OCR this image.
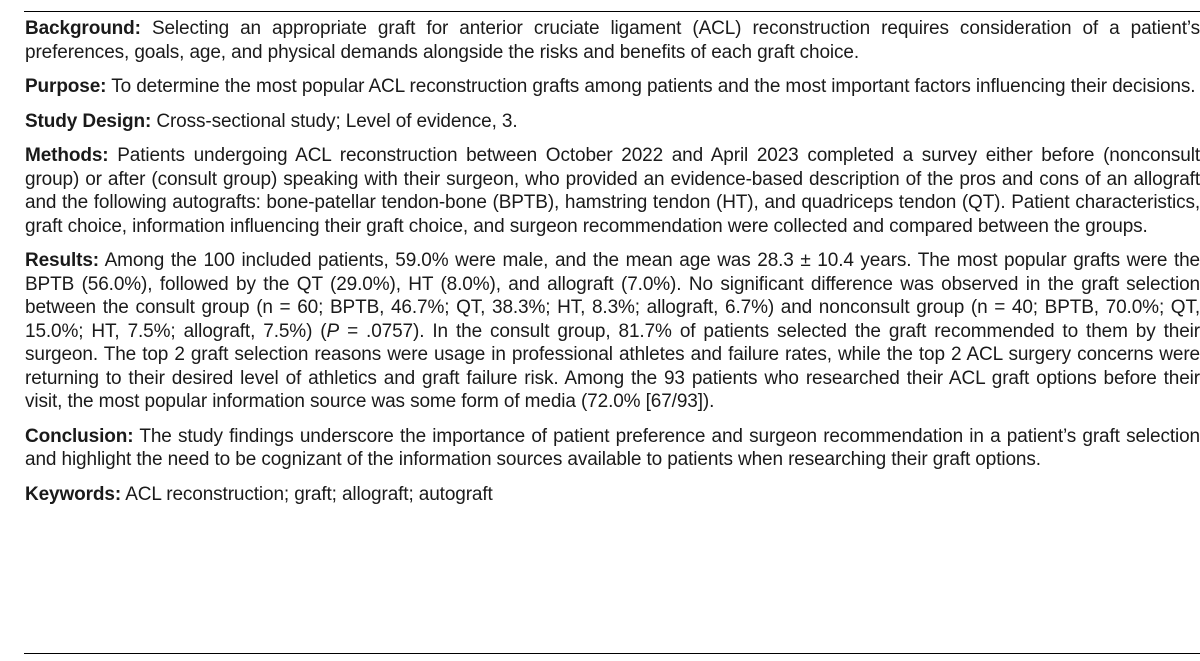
Background: Selecting an appropriate graft for anterior cruciate ligament (ACL) reconstruction requires consideration of a patient’s preferences, goals, age, and physical demands alongside the risks and benefits of each graft choice.

Purpose: To determine the most popular ACL reconstruction grafts among patients and the most important factors influencing their decisions.

Study Design: Cross-sectional study; Level of evidence, 3.

Methods: Patients undergoing ACL reconstruction between October 2022 and April 2023 completed a survey either before (nonconsult group) or after (consult group) speaking with their surgeon, who provided an evidence-based description of the pros and cons of an allograft and the following autografts: bone-patellar tendon-bone (BPTB), hamstring tendon (HT), and quadriceps tendon (QT). Patient characteristics, graft choice, information influencing their graft choice, and surgeon recommendation were collected and compared between the groups.

Results: Among the 100 included patients, 59.0% were male, and the mean age was 28.3 ± 10.4 years. The most popular grafts were the BPTB (56.0%), followed by the QT (29.0%), HT (8.0%), and allograft (7.0%). No significant difference was observed in the graft selection between the consult group (n = 60; BPTB, 46.7%; QT, 38.3%; HT, 8.3%; allograft, 6.7%) and nonconsult group (n = 40; BPTB, 70.0%; QT, 15.0%; HT, 7.5%; allograft, 7.5%) (P = .0757). In the consult group, 81.7% of patients selected the graft recommended to them by their surgeon. The top 2 graft selection reasons were usage in professional athletes and failure rates, while the top 2 ACL surgery concerns were returning to their desired level of athletics and graft failure risk. Among the 93 patients who researched their ACL graft options before their visit, the most popular information source was some form of media (72.0% [67/93]).

Conclusion: The study findings underscore the importance of patient preference and surgeon recommendation in a patient’s graft selection and highlight the need to be cognizant of the information sources available to patients when researching their graft options.

Keywords: ACL reconstruction; graft; allograft; autograft
